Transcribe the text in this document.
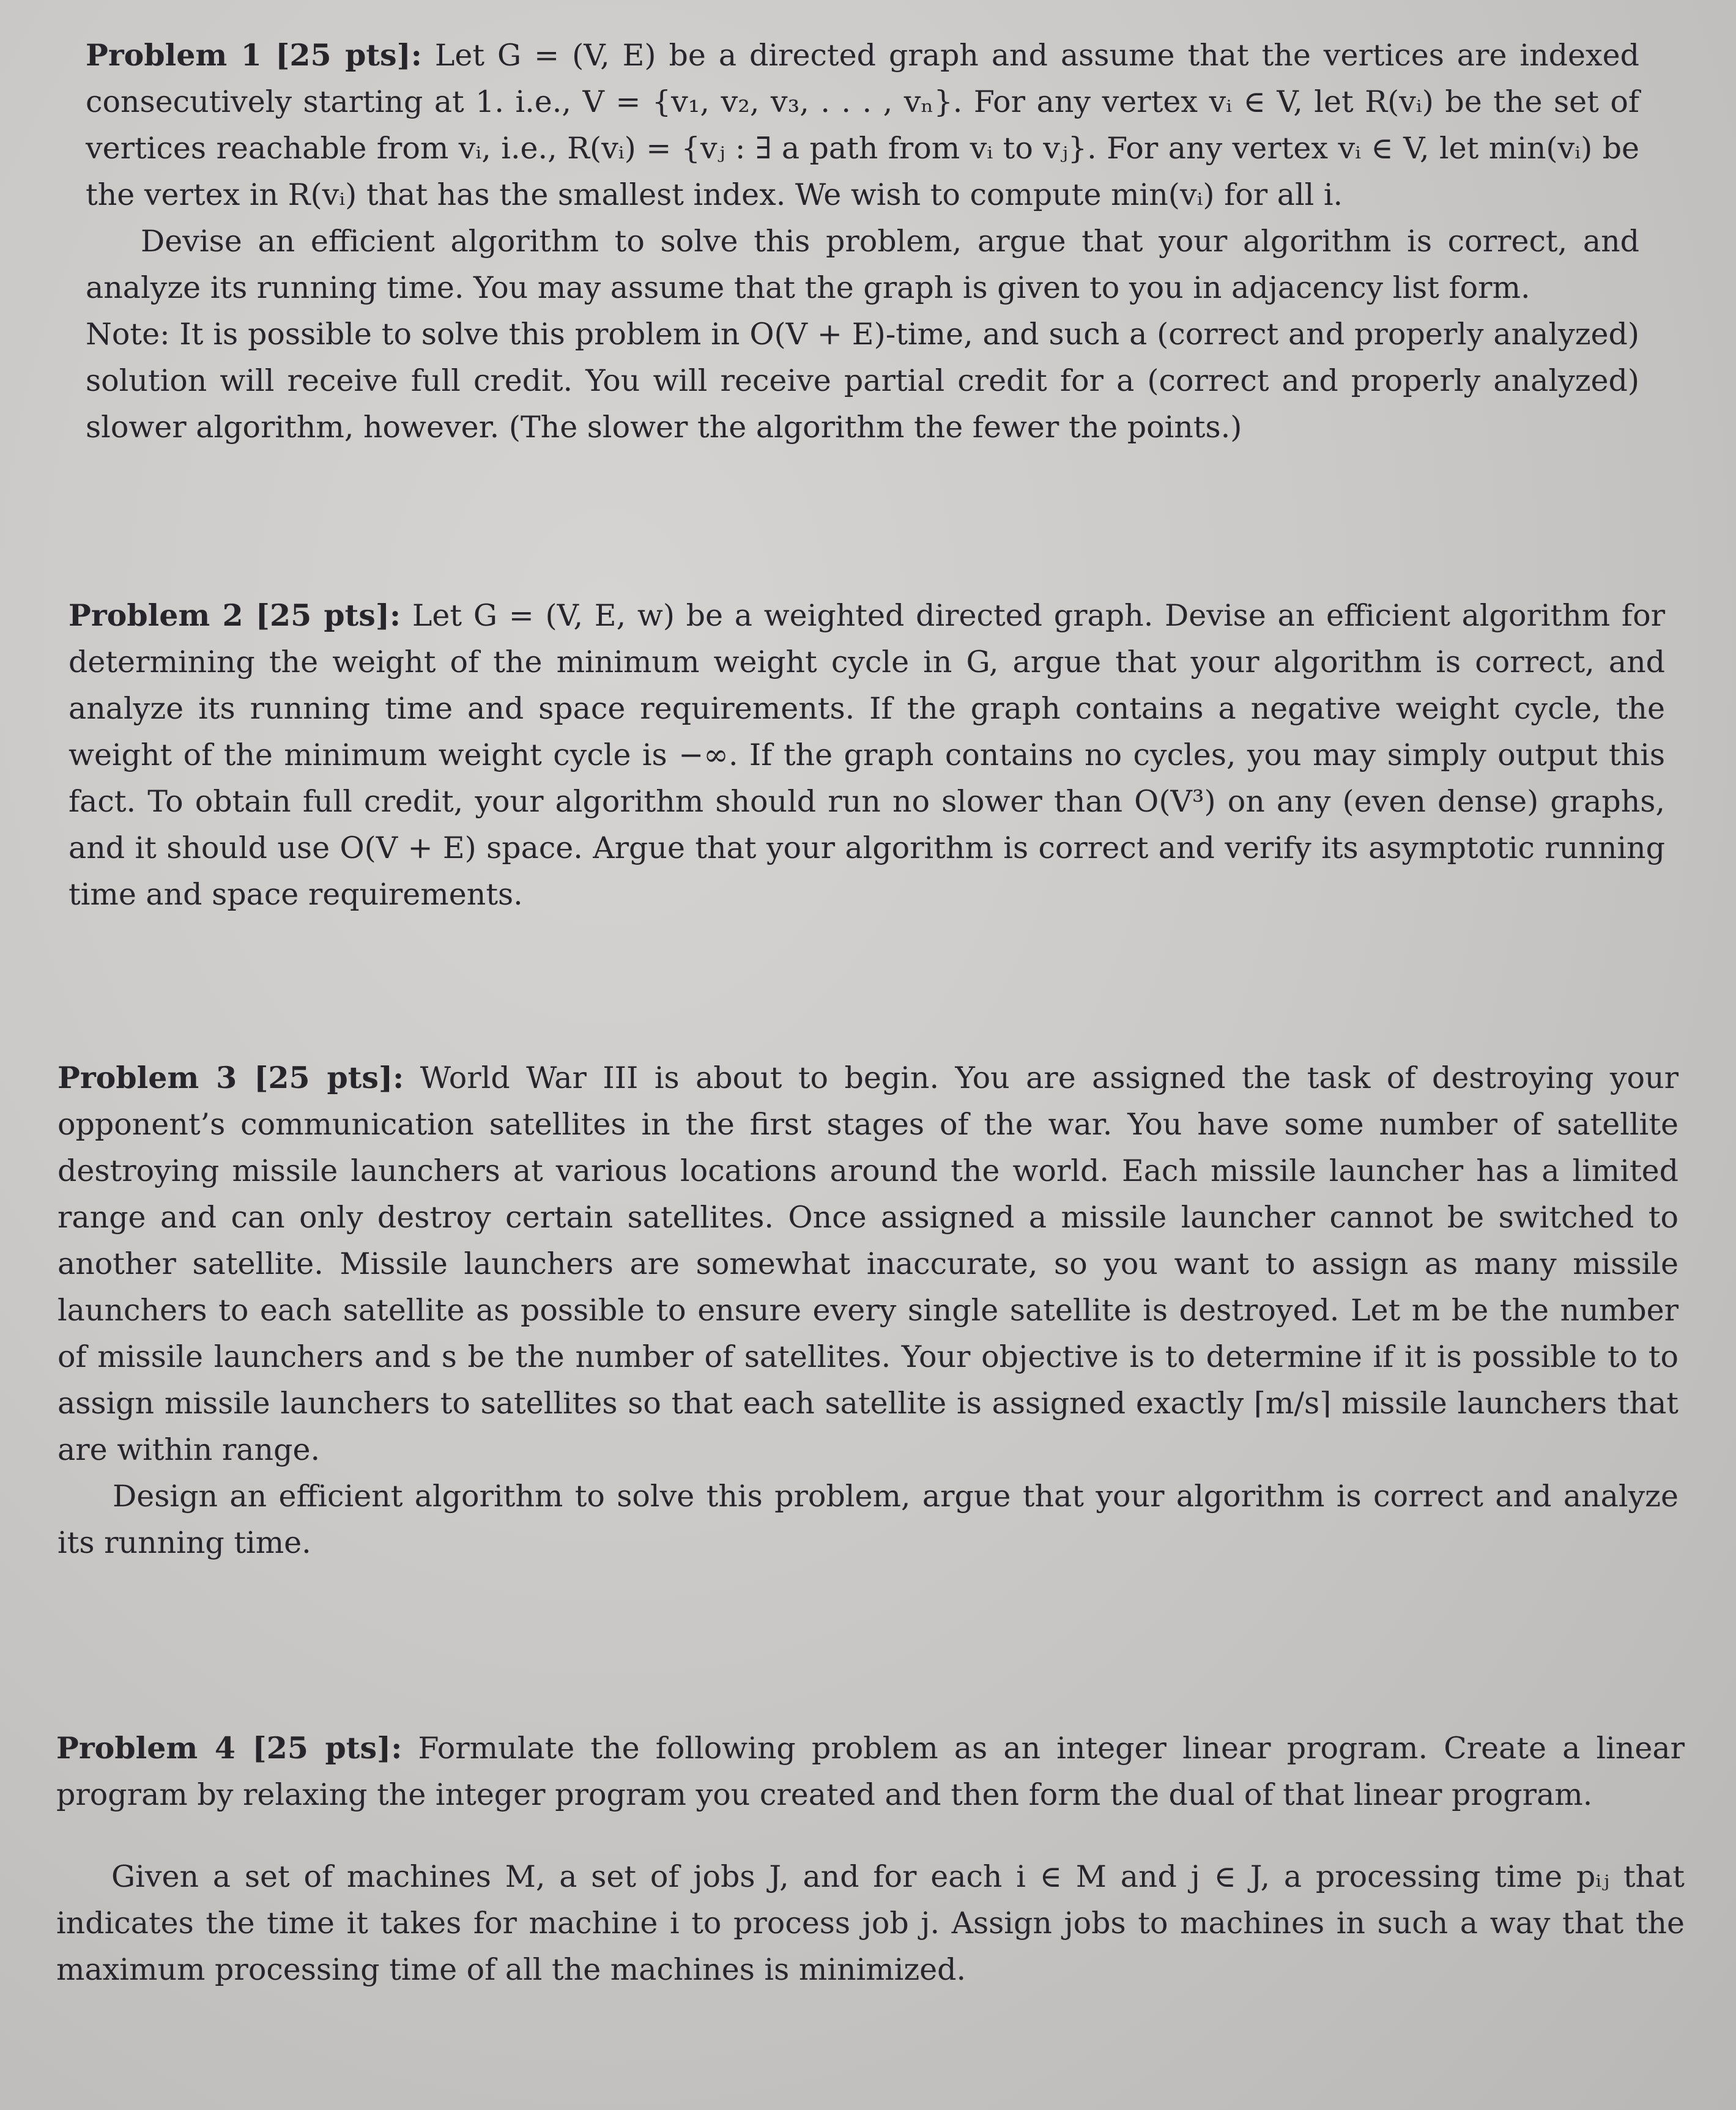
Problem 1 [25 pts]: Let G = (V, E) be a directed graph and assume that the vertices are indexed consecutively starting at 1. i.e., V = {v₁, v₂, v₃, . . . , vₙ}. For any vertex vᵢ ∈ V, let R(vᵢ) be the set of vertices reachable from vᵢ, i.e., R(vᵢ) = {vⱼ : ∃ a path from vᵢ to vⱼ}. For any vertex vᵢ ∈ V, let min(vᵢ) be the vertex in R(vᵢ) that has the smallest index. We wish to compute min(vᵢ) for all i.

Devise an efficient algorithm to solve this problem, argue that your algorithm is correct, and analyze its running time. You may assume that the graph is given to you in adjacency list form.

Note: It is possible to solve this problem in O(V + E)-time, and such a (correct and properly analyzed) solution will receive full credit. You will receive partial credit for a (correct and properly analyzed) slower algorithm, however. (The slower the algorithm the fewer the points.)

Problem 2 [25 pts]: Let G = (V, E, w) be a weighted directed graph. Devise an efficient algorithm for determining the weight of the minimum weight cycle in G, argue that your algorithm is correct, and analyze its running time and space requirements. If the graph contains a negative weight cycle, the weight of the minimum weight cycle is −∞. If the graph contains no cycles, you may simply output this fact. To obtain full credit, your algorithm should run no slower than O(V³) on any (even dense) graphs, and it should use O(V + E) space. Argue that your algorithm is correct and verify its asymptotic running time and space requirements.

Problem 3 [25 pts]: World War III is about to begin. You are assigned the task of destroying your opponent’s communication satellites in the first stages of the war. You have some number of satellite destroying missile launchers at various locations around the world. Each missile launcher has a limited range and can only destroy certain satellites. Once assigned a missile launcher cannot be switched to another satellite. Missile launchers are somewhat inaccurate, so you want to assign as many missile launchers to each satellite as possible to ensure every single satellite is destroyed. Let m be the number of missile launchers and s be the number of satellites. Your objective is to determine if it is possible to to assign missile launchers to satellites so that each satellite is assigned exactly ⌈m/s⌉ missile launchers that are within range.

Design an efficient algorithm to solve this problem, argue that your algorithm is correct and analyze its running time.

Problem 4 [25 pts]: Formulate the following problem as an integer linear program. Create a linear program by relaxing the integer program you created and then form the dual of that linear program.

Given a set of machines M, a set of jobs J, and for each i ∈ M and j ∈ J, a processing time pᵢⱼ that indicates the time it takes for machine i to process job j. Assign jobs to machines in such a way that the maximum processing time of all the machines is minimized.
